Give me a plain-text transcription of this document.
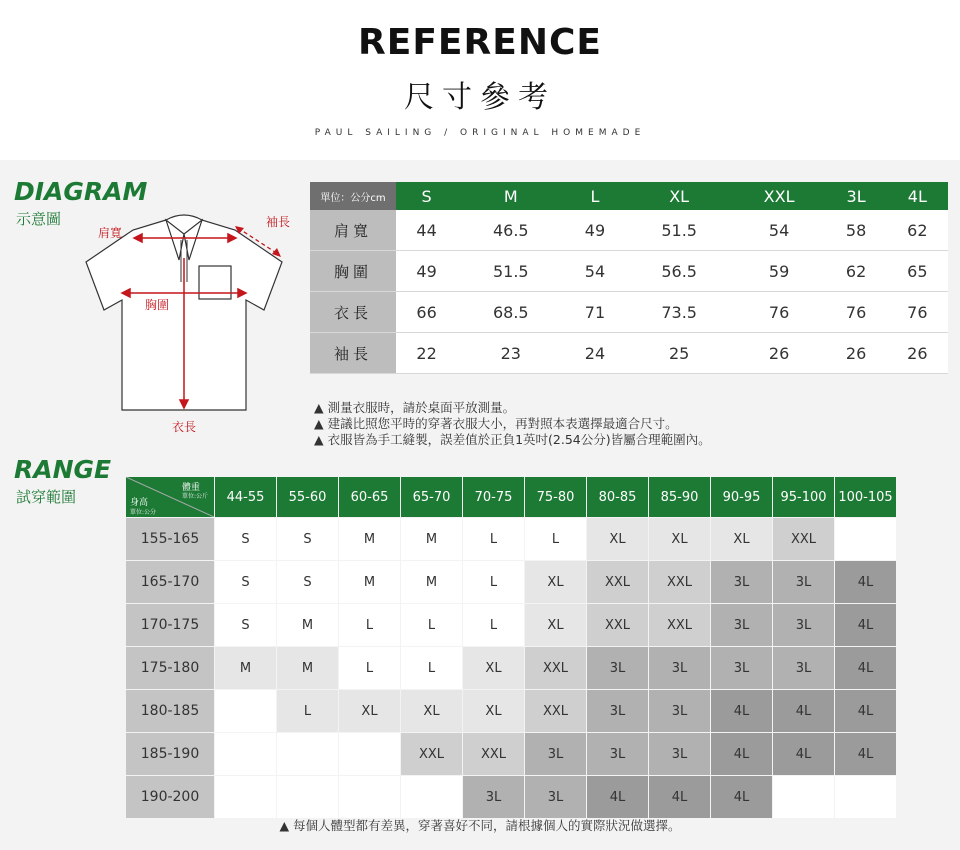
REFERENCE
尺寸參考
PAUL SAILING / ORIGINAL HOMEMADE
DIAGRAM
示意圖
肩寬
袖長
胸圍
衣長
單位：公分cm	S	M	L	XL	XXL	3L	4L
肩寬	44	46.5	49	51.5	54	58	62
胸圍	49	51.5	54	56.5	59	62	65
衣長	66	68.5	71	73.5	76	76	76
袖長	22	23	24	25	26	26	26
▲ 測量衣服時，請於桌面平放測量。
▲ 建議比照您平時的穿著衣服大小，再對照本表選擇最適合尺寸。
▲ 衣服皆為手工縫製，誤差值於正負1英吋(2.54公分)皆屬合理範圍內。
RANGE
試穿範圍	體重
單位:公斤
身高
單位:公分	44-55	55-60	60-65	65-70	70-75	75-80	80-85	85-90	90-95	95-100	100-105
155-165	S	S	M	M	L	L	XL	XL	XL	XXL	
165-170	S	S	M	M	L	XL	XXL	XXL	3L	3L	4L
170-175	S	M	L	L	L	XL	XXL	XXL	3L	3L	4L
175-180	M	M	L	L	XL	XXL	3L	3L	3L	3L	4L
180-185		L	XL	XL	XL	XXL	3L	3L	4L	4L	4L
185-190				XXL	XXL	3L	3L	3L	4L	4L	4L
190-200					3L	3L	4L	4L	4L		
▲ 每個人體型都有差異，穿著喜好不同，請根據個人的實際狀況做選擇。
